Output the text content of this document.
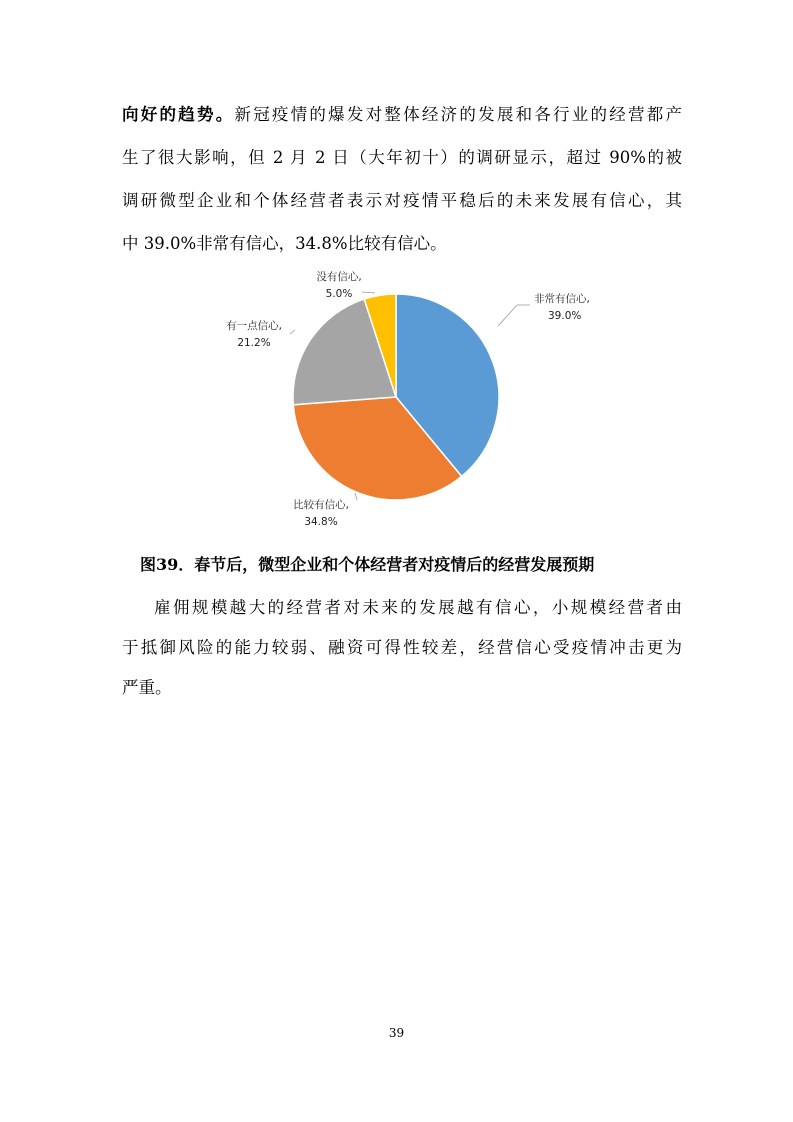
向好的趋势。新冠疫情的爆发对整体经济的发展和各行业的经营都产
生了很大影响，但 2 月 2 日（大年初十）的调研显示，超过 90%的被
调研微型企业和个体经营者表示对疫情平稳后的未来发展有信心，其
中 39.0%非常有信心，34.8%比较有信心。
非常有信心,
39.0%
比较有信心,
34.8%
有一点信心,
21.2%
没有信心,
5.0%
图39．春节后，微型企业和个体经营者对疫情后的经营发展预期
雇佣规模越大的经营者对未来的发展越有信心，小规模经营者由
于抵御风险的能力较弱、融资可得性较差，经营信心受疫情冲击更为
严重。
39
